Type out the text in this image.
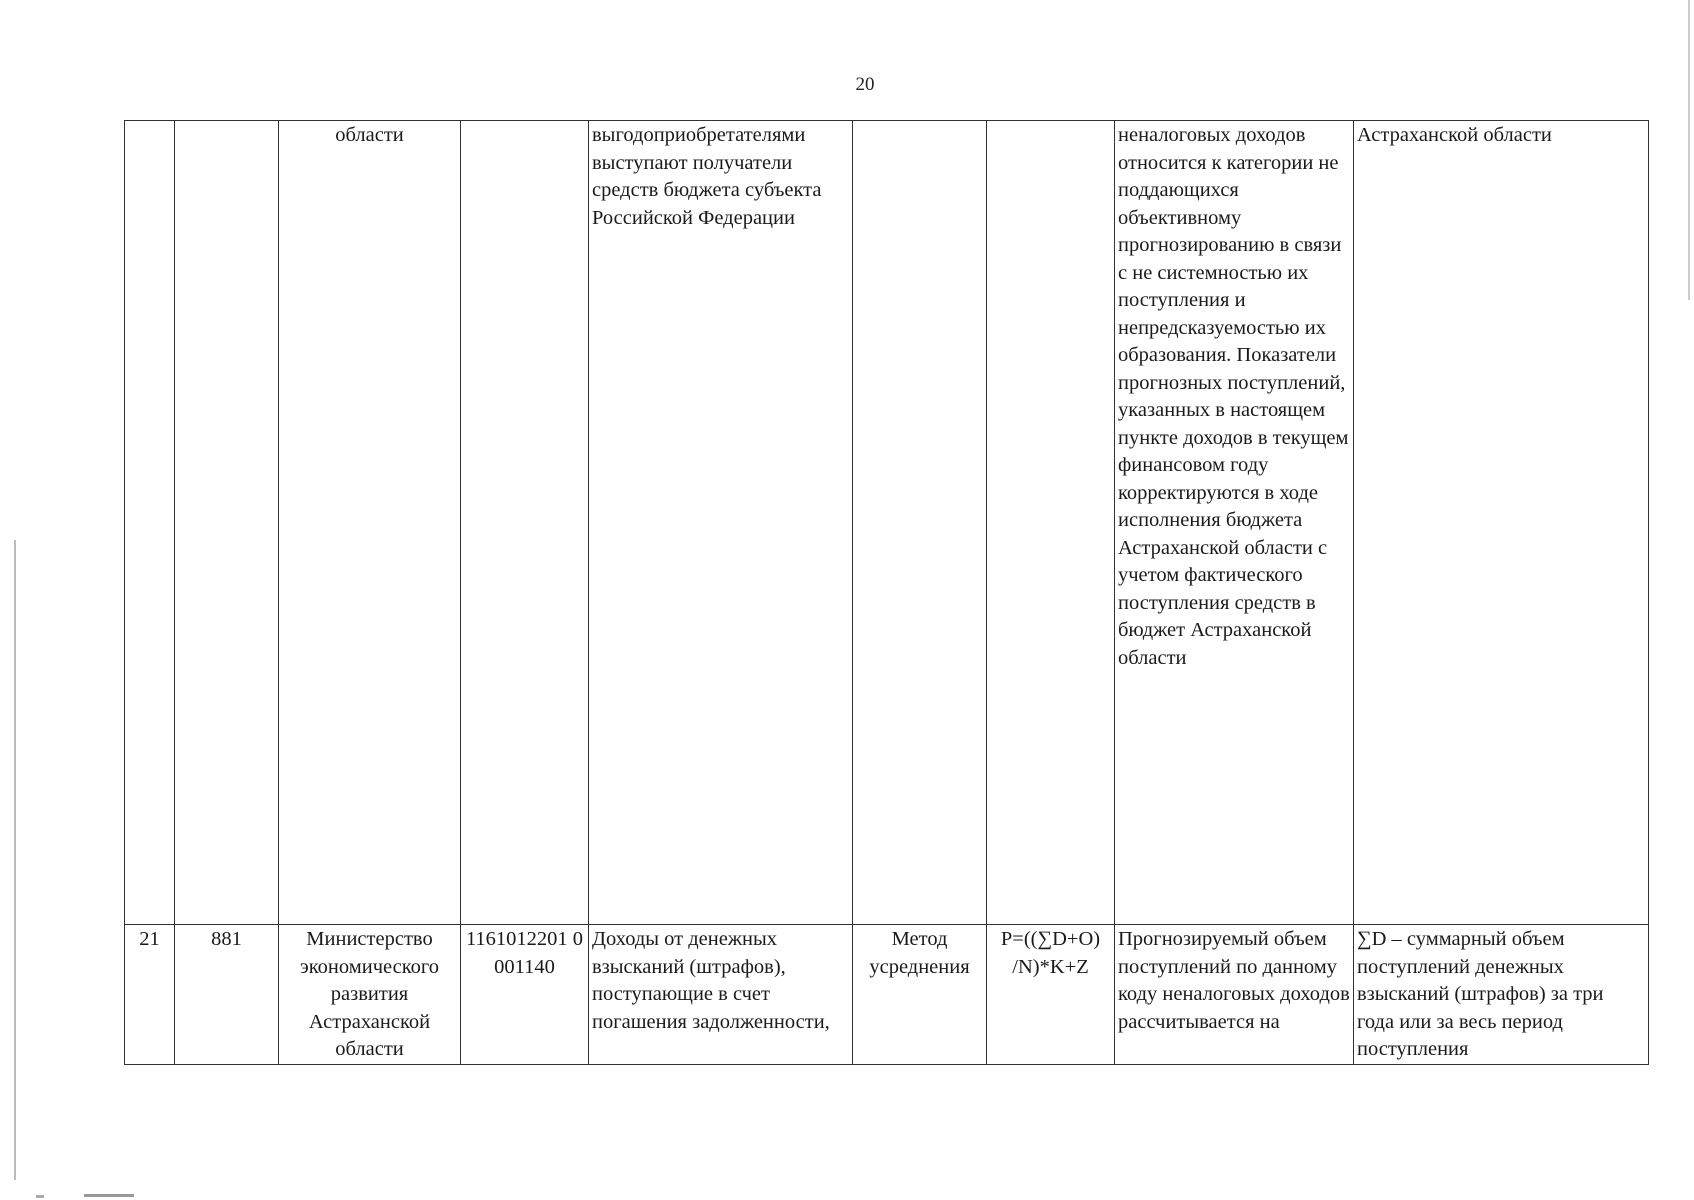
20
		области		выгодоприобретателями выступают получатели средств бюджета субъекта Российской Федерации			неналоговых доходов относится к категории не поддающихся объективному прогнозированию в связи с не системностью их поступления и непредсказуемостью их образования. Показатели прогнозных поступлений, указанных в настоящем пункте доходов в текущем финансовом году корректируются в ходе исполнения бюджета Астраханской области с учетом фактического поступления средств в бюджет Астраханской области	Астраханской области
21	881	Министерство экономического развития Астраханской области	1161012201 0001140	Доходы от денежных взысканий (штрафов), поступающие в счет погашения задолженности,	Метод усреднения	P=((∑D+O) /N)*K+Z	Прогнозируемый объем поступлений по данному коду неналоговых доходов рассчитывается на	∑D – суммарный объем поступлений денежных взысканий (штрафов) за три года или за весь период поступления
